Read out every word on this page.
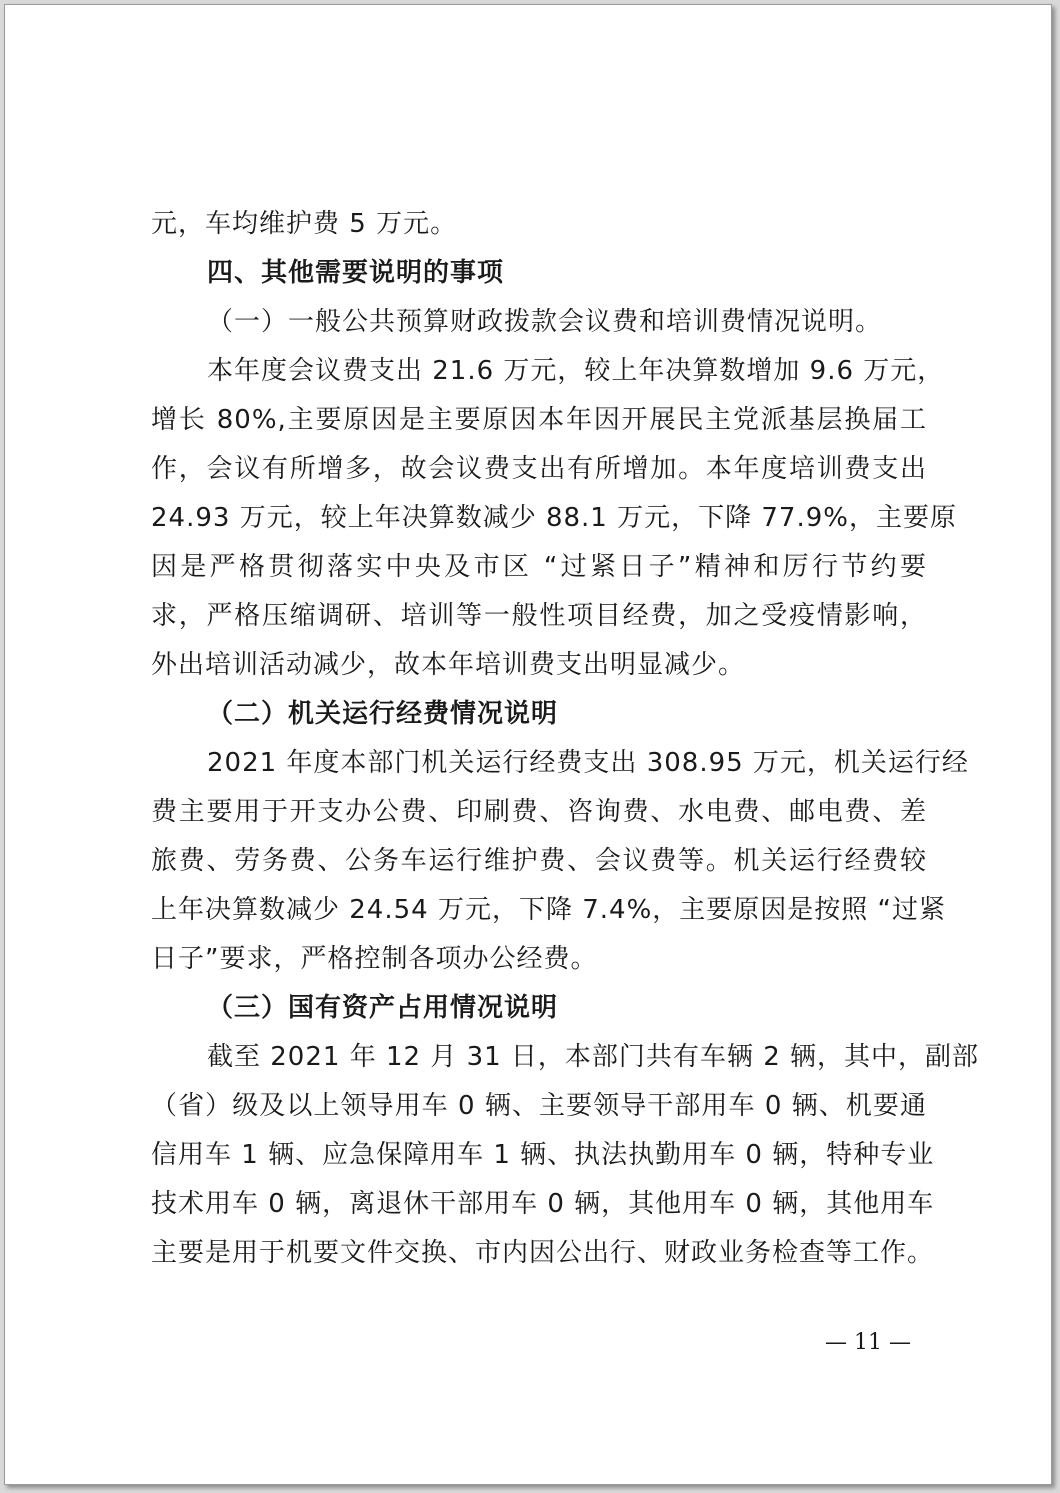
元，车均维护费 5 万元。
四、其他需要说明的事项
（一）一般公共预算财政拨款会议费和培训费情况说明。
本年度会议费支出 21.6 万元，较上年决算数增加 9.6 万元，
增长 80%,主要原因是主要原因本年因开展民主党派基层换届工
作，会议有所增多，故会议费支出有所增加。本年度培训费支出
24.93 万元，较上年决算数减少 88.1 万元，下降 77.9%，主要原
因是严格贯彻落实中央及市区 “过紧日子”精神和厉行节约要
求，严格压缩调研、培训等一般性项目经费，加之受疫情影响，
外出培训活动减少，故本年培训费支出明显减少。
（二）机关运行经费情况说明
2021 年度本部门机关运行经费支出 308.95 万元，机关运行经
费主要用于开支办公费、印刷费、咨询费、水电费、邮电费、差
旅费、劳务费、公务车运行维护费、会议费等。机关运行经费较
上年决算数减少 24.54 万元，下降 7.4%，主要原因是按照 “过紧
日子”要求，严格控制各项办公经费。
（三）国有资产占用情况说明
截至 2021 年 12 月 31 日，本部门共有车辆 2 辆，其中，副部
（省）级及以上领导用车 0 辆、主要领导干部用车 0 辆、机要通
信用车 1 辆、应急保障用车 1 辆、执法执勤用车 0 辆，特种专业
技术用车 0 辆，离退休干部用车 0 辆，其他用车 0 辆，其他用车
主要是用于机要文件交换、市内因公出行、财政业务检查等工作。
— 11 —
